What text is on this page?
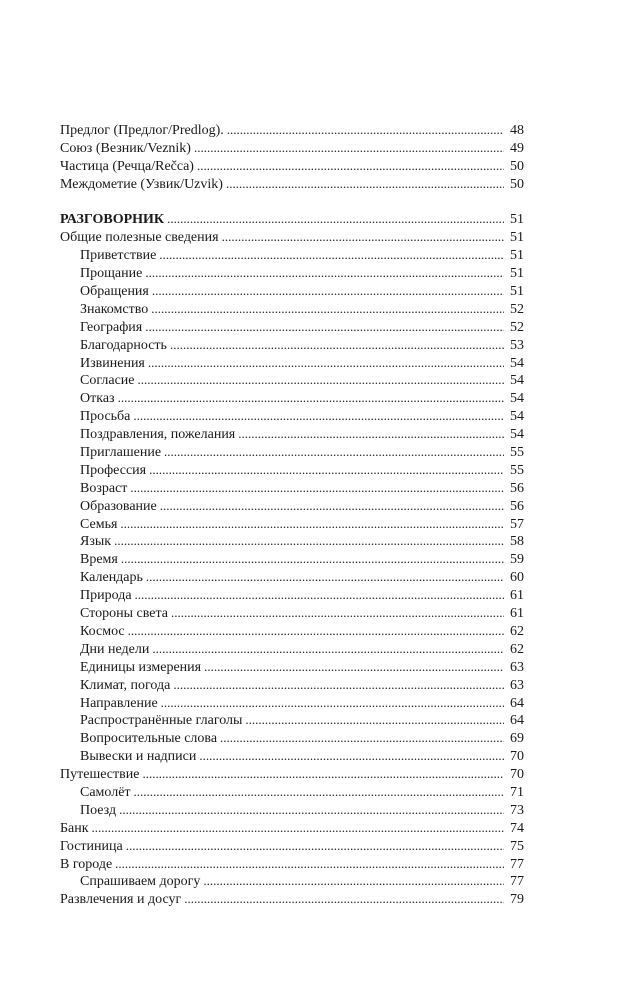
Предлог (Предлог/Predlog). .....	48
Союз (Везник/Veznik) .....	49
Частица (Речца/Rečca) .....	50
Междометие (Узвик/Uzvik) .....	50
РАЗГОВОРНИК .....	51
Общие полезные сведения .....	51
Приветствие .....	51
Прощание .....	51
Обращения .....	51
Знакомство .....	52
География .....	52
Благодарность .....	53
Извинения .....	54
Согласие .....	54
Отказ .....	54
Просьба .....	54
Поздравления, пожелания .....	54
Приглашение .....	55
Профессия .....	55
Возраст .....	56
Образование .....	56
Семья .....	57
Язык .....	58
Время .....	59
Календарь .....	60
Природа .....	61
Стороны света .....	61
Космос .....	62
Дни недели .....	62
Единицы измерения .....	63
Климат, погода .....	63
Направление .....	64
Распространённые глаголы .....	64
Вопросительные слова .....	69
Вывески и надписи .....	70
Путешествие .....	70
Самолёт .....	71
Поезд .....	73
Банк .....	74
Гостиница .....	75
В городе .....	77
Спрашиваем дорогу .....	77
Развлечения и досуг .....	79
